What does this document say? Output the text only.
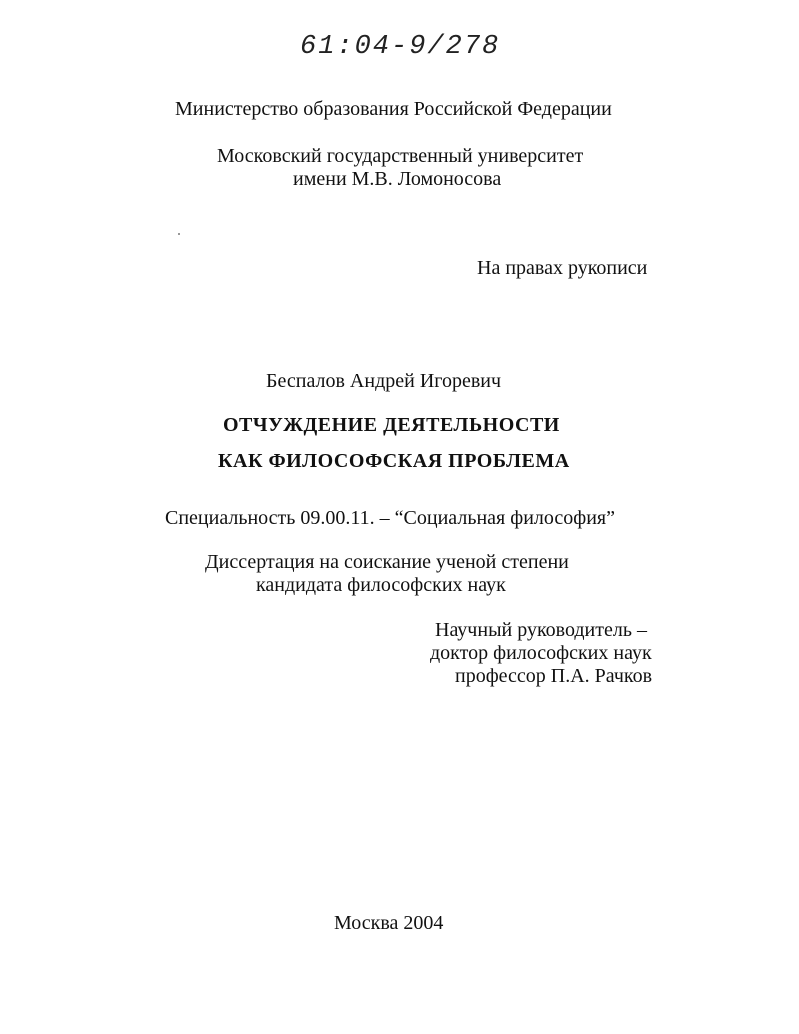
61:04-9/278
Министерство образования Российской Федерации
Московский государственный университет
имени М.В. Ломоносова
На правах рукописи
Беспалов Андрей Игоревич
ОТЧУЖДЕНИЕ ДЕЯТЕЛЬНОСТИ
КАК ФИЛОСОФСКАЯ ПРОБЛЕМА
Специальность 09.00.11. – “Социальная философия”
Диссертация на соискание ученой степени
кандидата философских наук
Научный руководитель –
доктор философских наук
профессор П.А. Рачков
Москва 2004
